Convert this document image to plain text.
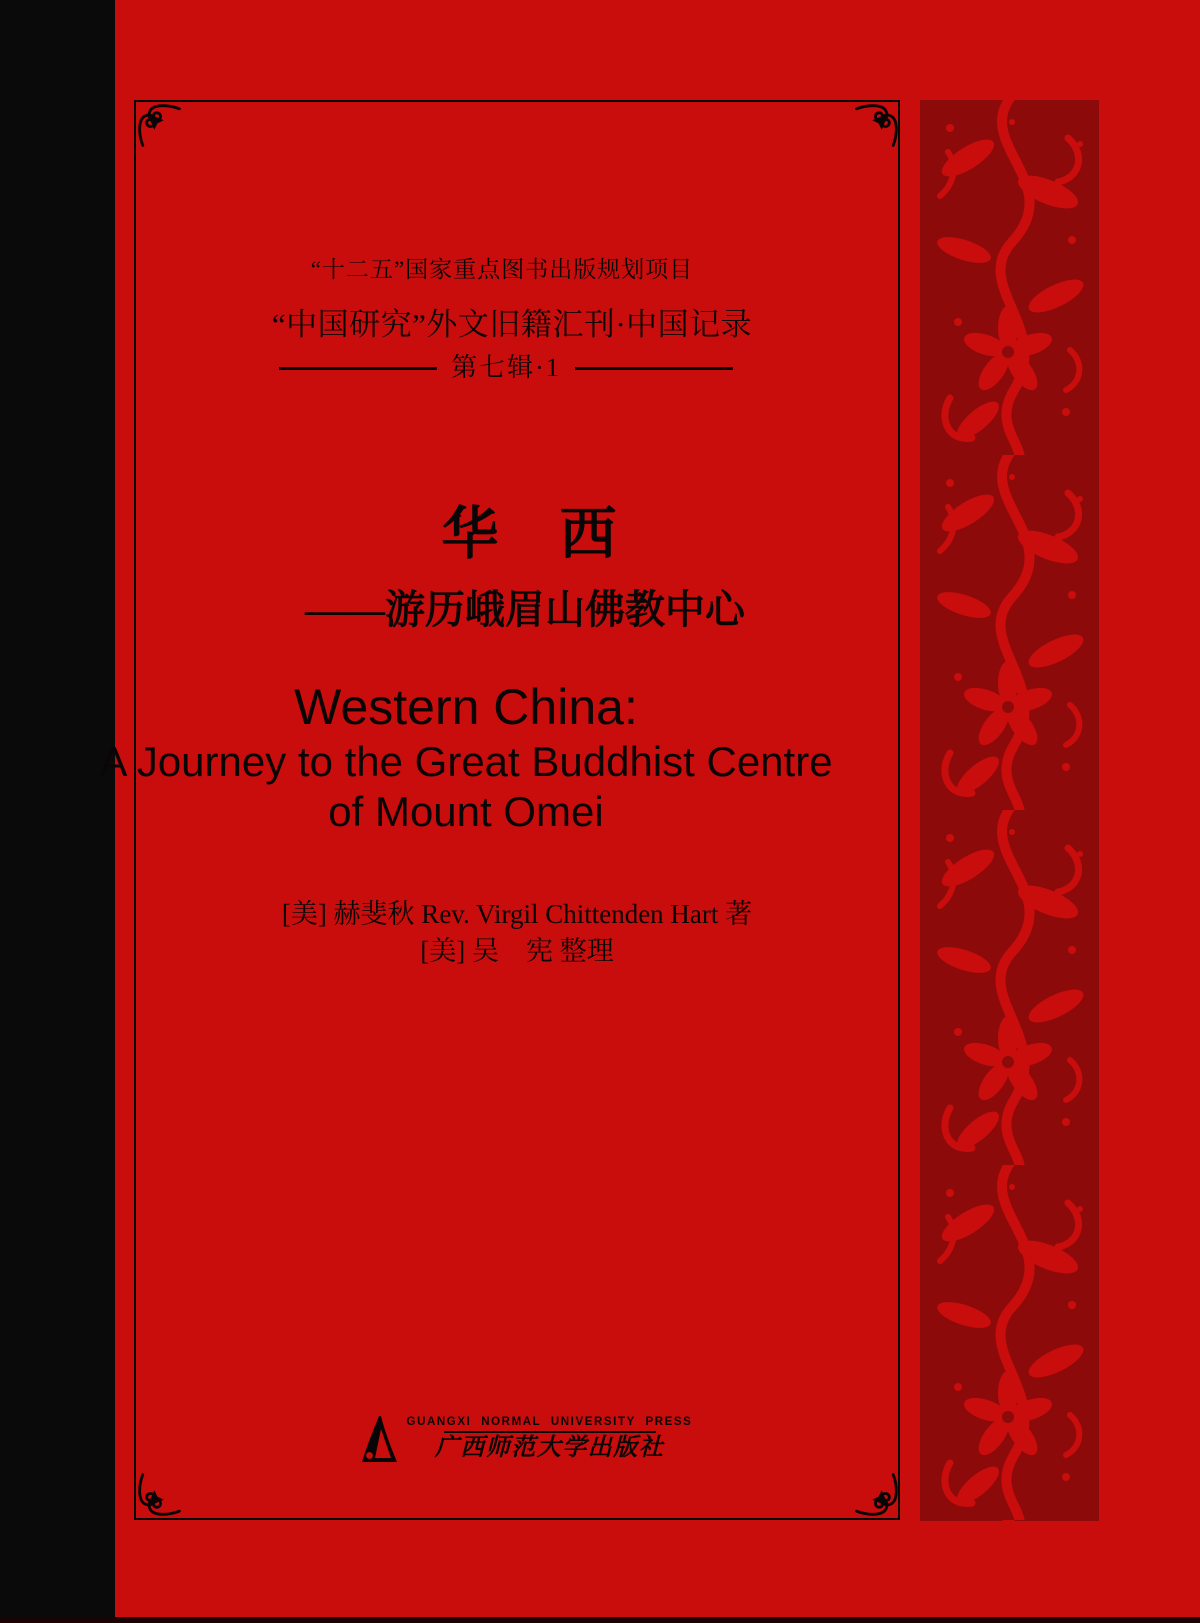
“十二五”国家重点图书出版规划项目
“中国研究”外文旧籍汇刊·中国记录
第七辑·1
华　西
——游历峨眉山佛教中心
Western China:
A Journey to the Great Buddhist Centre
of Mount Omei
[美] 赫斐秋 Rev. Virgil Chittenden Hart 著
[美] 吴　宪 整理
GUANGXI NORMAL UNIVERSITY PRESS
广西师范大学出版社
